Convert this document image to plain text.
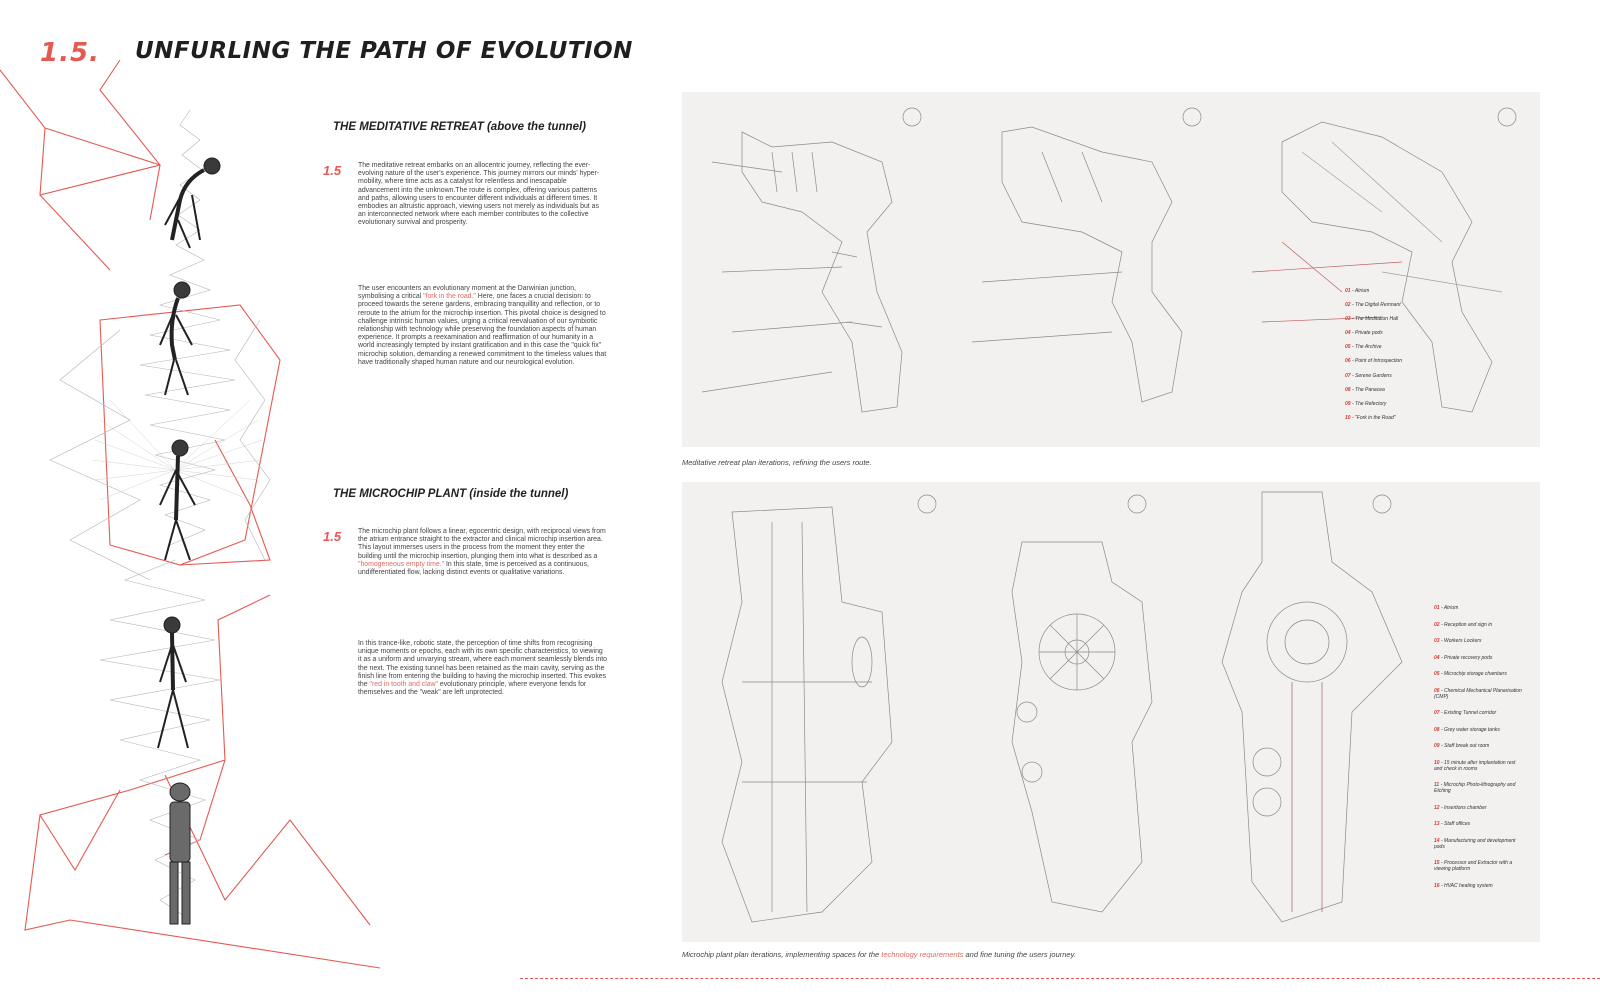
1.5. UNFURLING THE PATH OF EVOLUTION
THE MEDITATIVE RETREAT (above the tunnel)
1.5 The meditative retreat embarks on an allocentric journey, reflecting the ever-evolving nature of the user's experience. This journey mirrors our minds' hyper-mobility, where time acts as a catalyst for relentless and inescapable advancement into the unknown.The route is complex, offering various patterns and paths, allowing users to encounter different individuals at different times. It embodies an altruistic approach, viewing users not merely as individuals but as an interconnected network where each member contributes to the collective evolutionary survival and prosperity.
The user encounters an evolutionary moment at the Darwinian junction, symbolising a critical "fork in the road." Here, one faces a crucial decision: to proceed towards the serene gardens, embracing tranquillity and reflection, or to reroute to the atrium for the microchip insertion. This pivotal choice is designed to challenge intrinsic human values, urging a critical reevaluation of our symbiotic relationship with technology while preserving the foundation aspects of human experience. It prompts a reexamination and reaffirmation of our humanity in a world increasingly tempted by instant gratification and in this case the "quick fix" microchip solution, demanding a renewed commitment to the timeless values that have traditionally shaped human nature and our neurological evolution.
THE MICROCHIP PLANT (inside the tunnel)
1.5 The microchip plant follows a linear, egocentric design, with reciprocal views from the atrium entrance straight to the extractor and clinical microchip insertion area. This layout immerses users in the process from the moment they enter the building until the microchip insertion, plunging them into what is described as a "homogeneous empty time." In this state, time is perceived as a continuous, undifferentiated flow, lacking distinct events or qualitative variations.
In this trance-like, robotic state, the perception of time shifts from recognising unique moments or epochs, each with its own specific characteristics, to viewing it as a uniform and unvarying stream, where each moment seamlessly blends into the next. The existing tunnel has been retained as the main cavity, serving as the finish line from entering the building to having the microchip inserted. This evokes the "red in tooth and claw" evolutionary principle, where everyone fends for themselves and the "weak" are left unprotected.
Meditative retreat plan iterations, refining the users route.
01 - Atrium
02 - The Digital Remnant
03 - The Meditation Hall
04 - Private pods
05 - The Archive
06 - Point of Introspection
07 - Serene Gardens
08 - The Panacea
09 - The Refectory
10 - "Fork in the Road"
Microchip plant plan iterations, implementing spaces for the technology requirements and fine tuning the users journey.
01 - Atrium
02 - Reception and sign in
03 - Workers Lockers
04 - Private recovery pods
05 - Microchip storage chambers
06 - Chemical Mechanical Planarisation (CMP)
07 - Existing Tunnel corridor
08 - Grey water storage tanks
09 - Staff break out room
10 - 15 minute after implantation rest and check in rooms
11 - Microchip Photo-lithography and Etching
12 - Insertions chamber
13 - Staff offices
14 - Manufacturing and development pods
15 - Processor and Extractor with a viewing platform
16 - HVAC heating system
